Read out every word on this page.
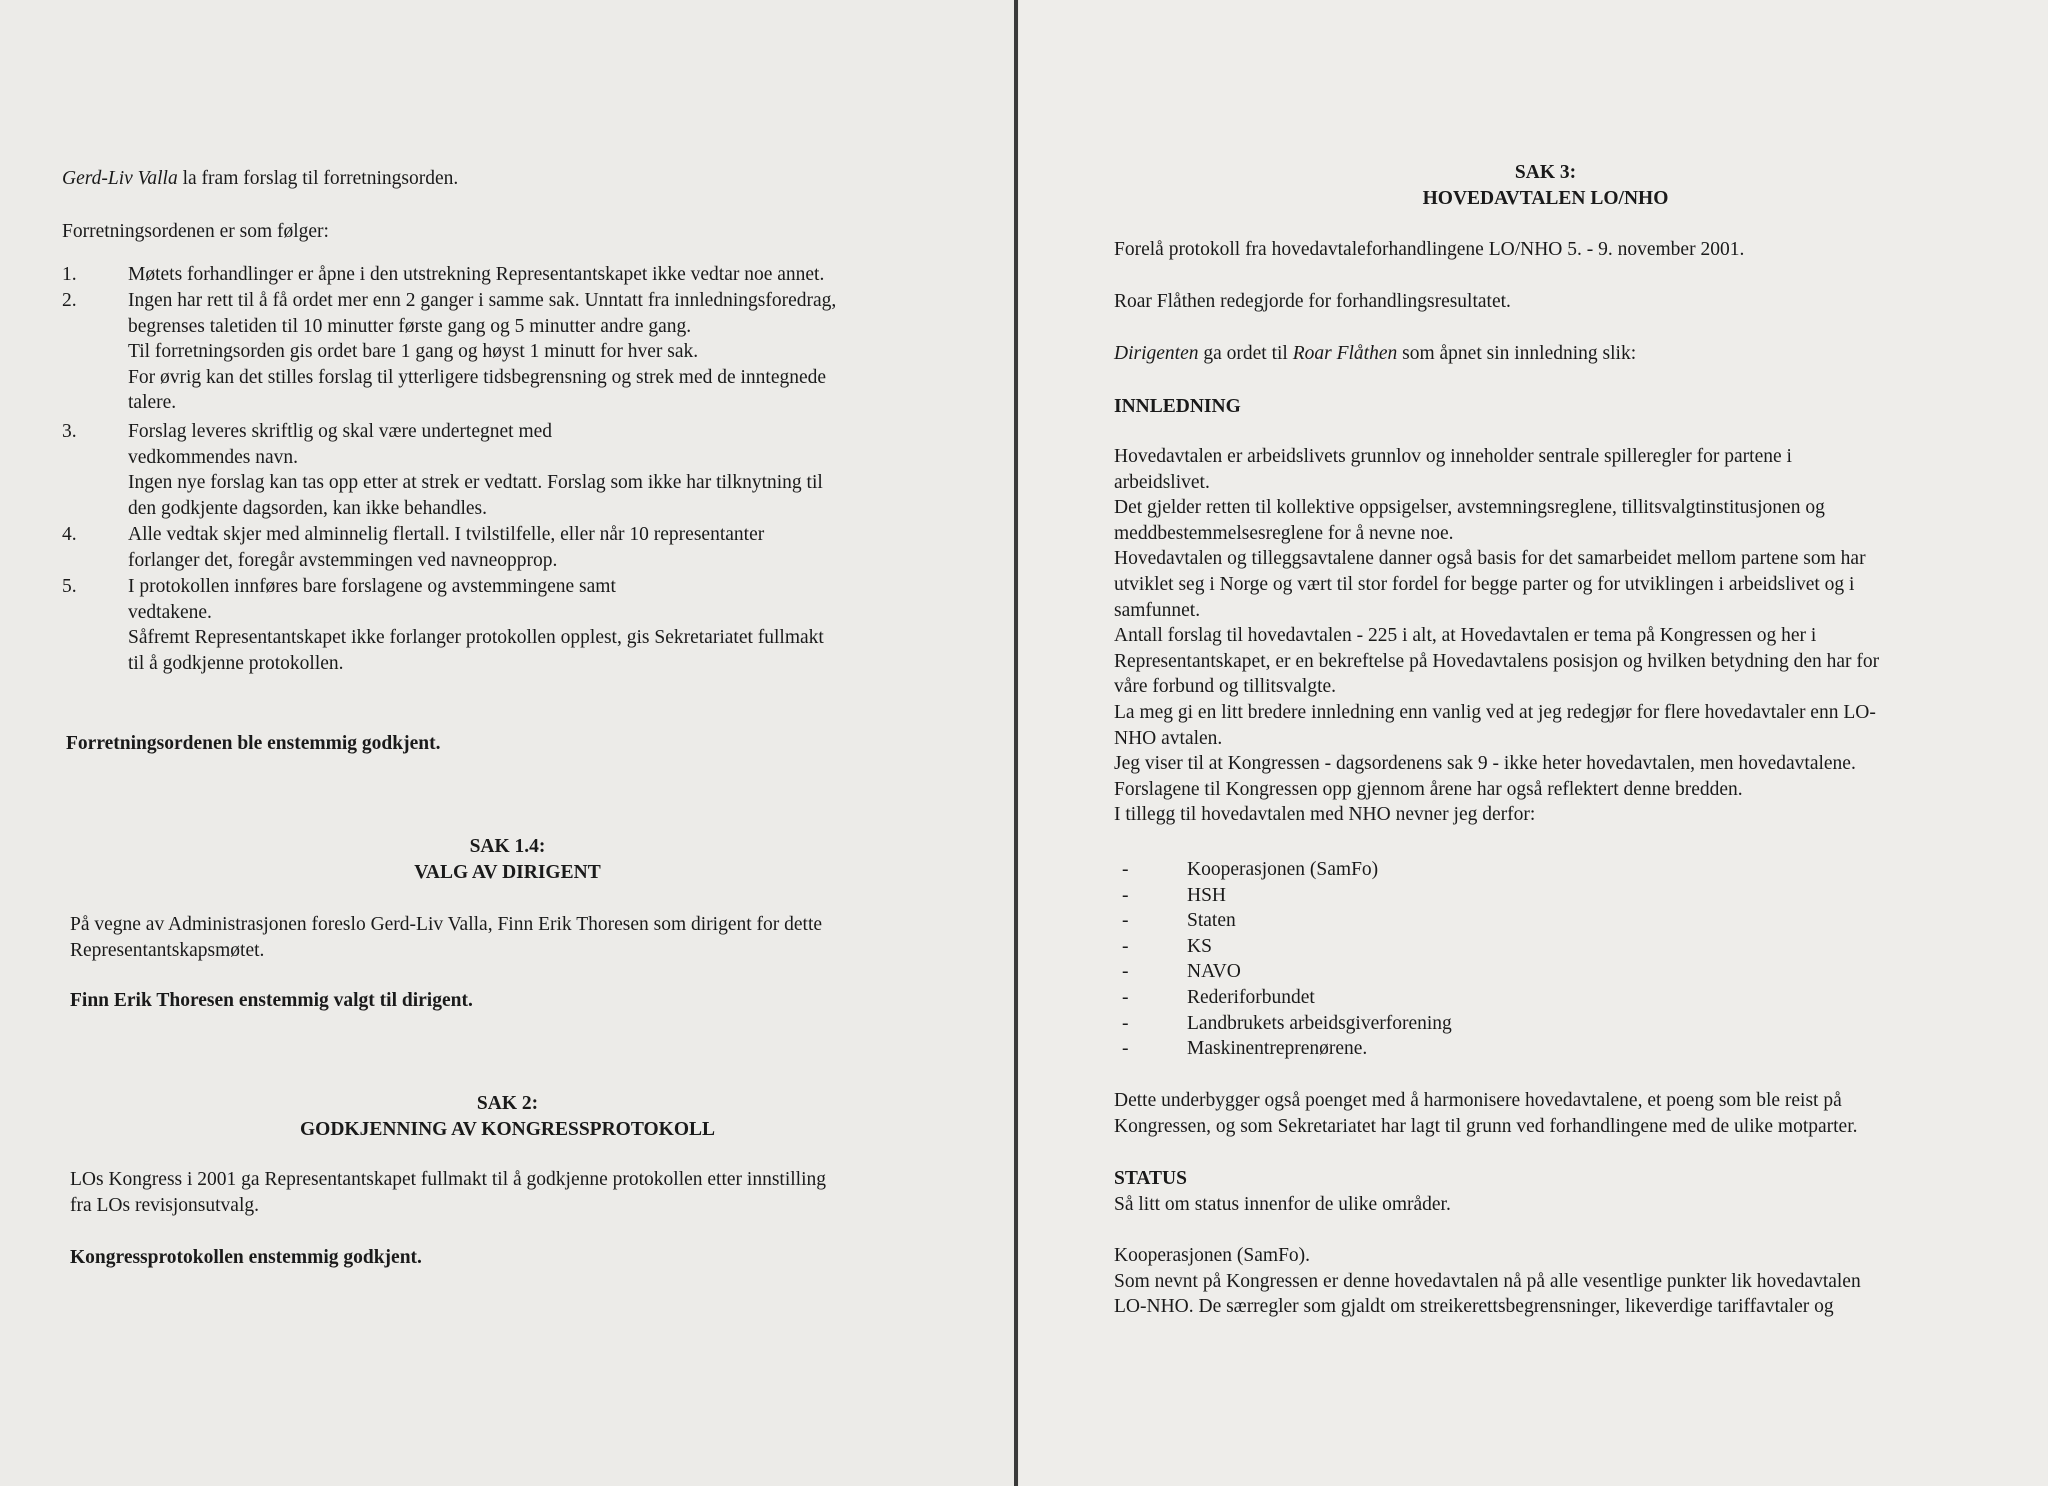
Gerd-Liv Valla la fram forslag til forretningsorden.
Forretningsordenen er som følger:
1.	Møtets forhandlinger er åpne i den utstrekning Representantskapet ikke vedtar noe annet.

2.	Ingen har rett til å få ordet mer enn 2 ganger i samme sak. Unntatt fra innledningsforedrag,

begrenses taletiden til 10 minutter første gang og 5 minutter andre gang.

Til forretningsorden gis ordet bare 1 gang og høyst 1 minutt for hver sak.

For øvrig kan det stilles forslag til ytterligere tidsbegrensning og strek med de inntegnede

talere.

3.	Forslag leveres skriftlig og skal være undertegnet med

vedkommendes navn.

Ingen nye forslag kan tas opp etter at strek er vedtatt. Forslag som ikke har tilknytning til

den godkjente dagsorden, kan ikke behandles.

4.	Alle vedtak skjer med alminnelig flertall. I tvilstilfelle, eller når 10 representanter

forlanger det, foregår avstemmingen ved navneopprop.

5.	I protokollen innføres bare forslagene og avstemmingene samt

vedtakene.

Såfremt Representantskapet ikke forlanger protokollen opplest, gis Sekretariatet fullmakt

til å godkjenne protokollen.

Forretningsordenen ble enstemmig godkjent.
SAK 1.4:
VALG AV DIRIGENT

På vegne av Administrasjonen foreslo Gerd-Liv Valla, Finn Erik Thoresen som dirigent for dette

Representantskapsmøtet.

Finn Erik Thoresen enstemmig valgt til dirigent.
SAK 2:
GODKJENNING AV KONGRESSPROTOKOLL

LOs Kongress i 2001 ga Representantskapet fullmakt til å godkjenne protokollen etter innstilling

fra LOs revisjonsutvalg.

Kongressprotokollen enstemmig godkjent.
SAK 3:
HOVEDAVTALEN LO/NHO
Forelå protokoll fra hovedavtaleforhandlingene LO/NHO 5. - 9. november 2001.
Roar Flåthen redegjorde for forhandlingsresultatet.
Dirigenten ga ordet til Roar Flåthen som åpnet sin innledning slik:
INNLEDNING

Hovedavtalen er arbeidslivets grunnlov og inneholder sentrale spilleregler for partene i

arbeidslivet.

Det gjelder retten til kollektive oppsigelser, avstemningsreglene, tillitsvalgtinstitusjonen og

meddbestemmelsesreglene for å nevne noe.

Hovedavtalen og tilleggsavtalene danner også basis for det samarbeidet mellom partene som har

utviklet seg i Norge og vært til stor fordel for begge parter og for utviklingen i arbeidslivet og i

samfunnet.

Antall forslag til hovedavtalen - 225 i alt, at Hovedavtalen er tema på Kongressen og her i

Representantskapet, er en bekreftelse på Hovedavtalens posisjon og hvilken betydning den har for

våre forbund og tillitsvalgte.

La meg gi en litt bredere innledning enn vanlig ved at jeg redegjør for flere hovedavtaler enn LO-

NHO avtalen.

Jeg viser til at Kongressen - dagsordenens sak 9 - ikke heter hovedavtalen, men hovedavtalene.

Forslagene til Kongressen opp gjennom årene har også reflektert denne bredden.

I tillegg til hovedavtalen med NHO nevner jeg derfor:

-	Kooperasjonen (SamFo)

-	HSH

-	Staten

-	KS

-	NAVO

-	Rederiforbundet

-	Landbrukets arbeidsgiverforening

-	Maskinentreprenørene.

Dette underbygger også poenget med å harmonisere hovedavtalene, et poeng som ble reist på

Kongressen, og som Sekretariatet har lagt til grunn ved forhandlingene med de ulike motparter.

STATUS
Så litt om status innenfor de ulike områder.

Kooperasjonen (SamFo).

Som nevnt på Kongressen er denne hovedavtalen nå på alle vesentlige punkter lik hovedavtalen

LO-NHO. De særregler som gjaldt om streikerettsbegrensninger, likeverdige tariffavtaler og
